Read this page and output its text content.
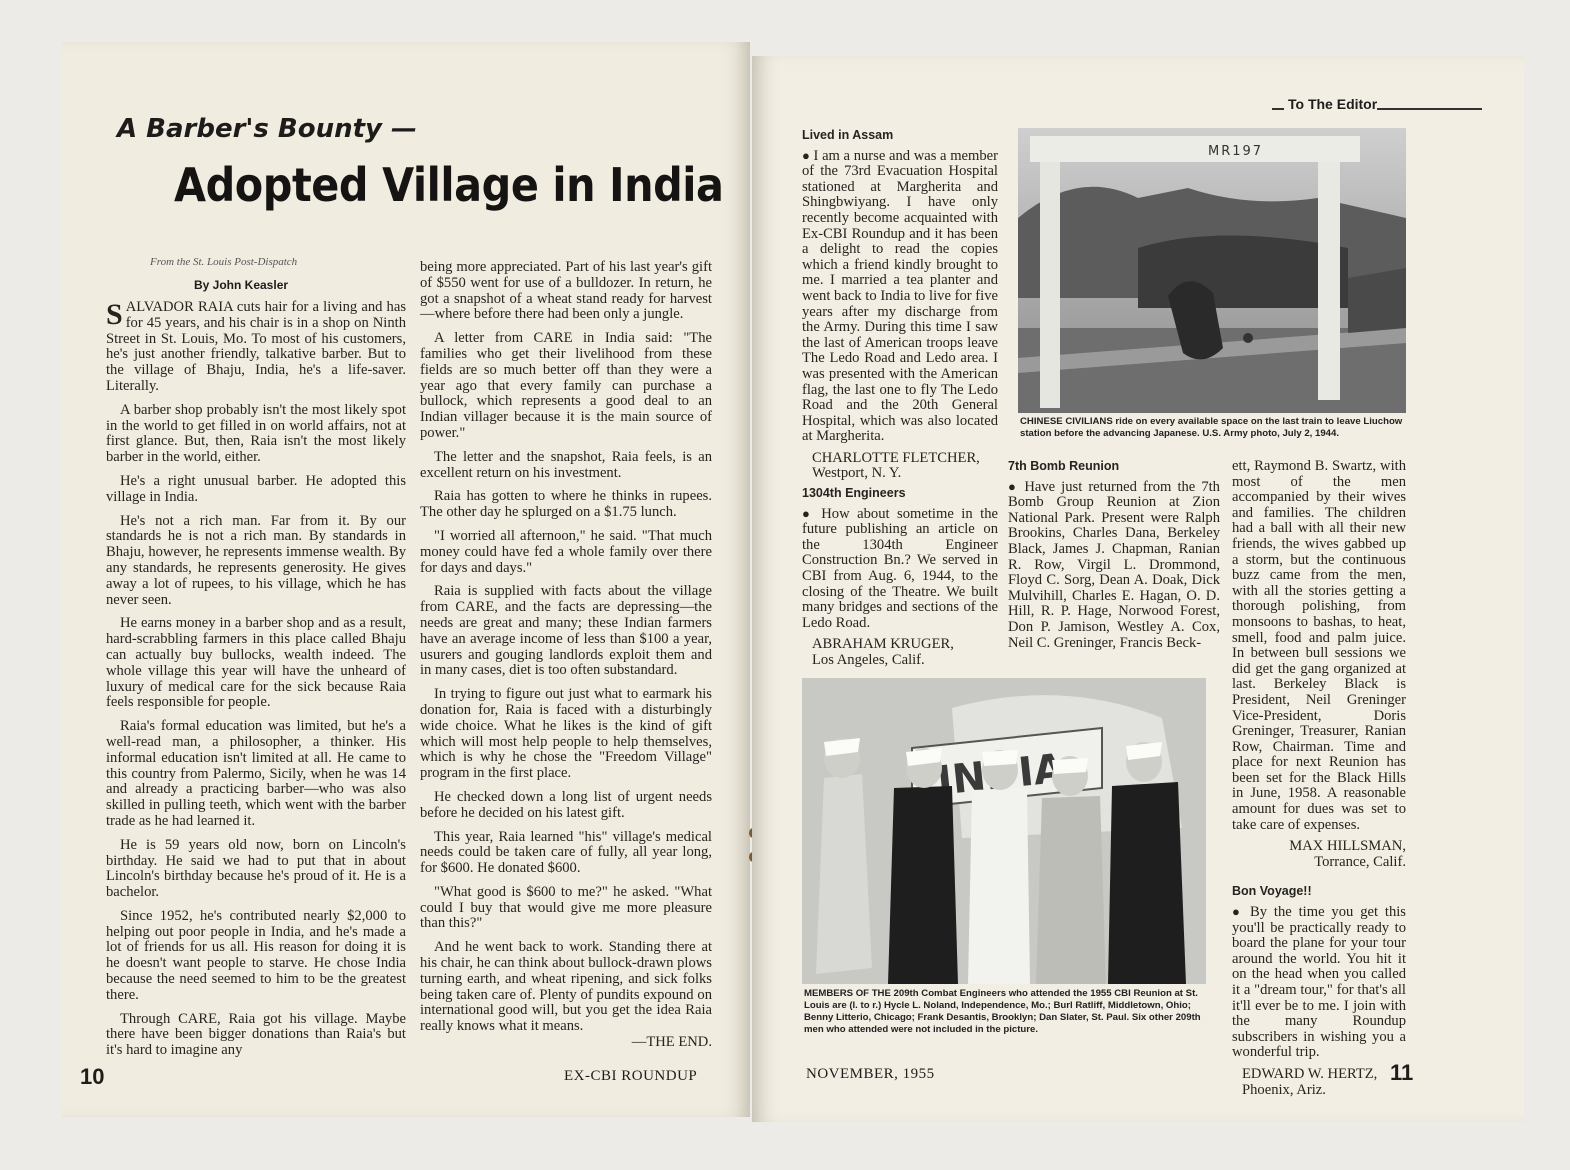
A Barber's Bounty —
Adopted Village in India
From the St. Louis Post-Dispatch
By John Keasler

SALVADOR RAIA cuts hair for a living and has for 45 years, and his chair is in a shop on Ninth Street in St. Louis, Mo. To most of his customers, he's just another friendly, talkative barber. But to the village of Bhaju, India, he's a life-saver. Literally.

A barber shop probably isn't the most likely spot in the world to get filled in on world affairs, not at first glance. But, then, Raia isn't the most likely barber in the world, either.

He's a right unusual barber. He adopted this village in India.

He's not a rich man. Far from it. By our standards he is not a rich man. By standards in Bhaju, however, he represents immense wealth. By any standards, he represents generosity. He gives away a lot of rupees, to his village, which he has never seen.

He earns money in a barber shop and as a result, hard-scrabbling farmers in this place called Bhaju can actually buy bullocks, wealth indeed. The whole village this year will have the unheard of luxury of medical care for the sick because Raia feels responsible for people.

Raia's formal education was limited, but he's a well-read man, a philosopher, a thinker. His informal education isn't limited at all. He came to this country from Palermo, Sicily, when he was 14 and already a practicing barber—who was also skilled in pulling teeth, which went with the barber trade as he had learned it.

He is 59 years old now, born on Lincoln's birthday. He said we had to put that in about Lincoln's birthday because he's proud of it. He is a bachelor.

Since 1952, he's contributed nearly $2,000 to helping out poor people in India, and he's made a lot of friends for us all. His reason for doing it is he doesn't want people to starve. He chose India because the need seemed to him to be the greatest there.

Through CARE, Raia got his village. Maybe there have been bigger donations than Raia's but it's hard to imagine any

being more appreciated. Part of his last year's gift of $550 went for use of a bulldozer. In return, he got a snapshot of a wheat stand ready for harvest—where before there had been only a jungle.

A letter from CARE in India said: "The families who get their livelihood from these fields are so much better off than they were a year ago that every family can purchase a bullock, which represents a good deal to an Indian villager because it is the main source of power."

The letter and the snapshot, Raia feels, is an excellent return on his investment.

Raia has gotten to where he thinks in rupees. The other day he splurged on a $1.75 lunch.

"I worried all afternoon," he said. "That much money could have fed a whole family over there for days and days."

Raia is supplied with facts about the village from CARE, and the facts are depressing—the needs are great and many; these Indian farmers have an average income of less than $100 a year, usurers and gouging landlords exploit them and in many cases, diet is too often substandard.

In trying to figure out just what to earmark his donation for, Raia is faced with a disturbingly wide choice. What he likes is the kind of gift which will most help people to help themselves, which is why he chose the "Freedom Village" program in the first place.

He checked down a long list of urgent needs before he decided on his latest gift.

This year, Raia learned "his" village's medical needs could be taken care of fully, all year long, for $600. He donated $600.

"What good is $600 to me?" he asked. "What could I buy that would give me more pleasure than this?"

And he went back to work. Standing there at his chair, he can think about bullock-drawn plows turning earth, and wheat ripening, and sick folks being taken care of. Plenty of pundits expound on international good will, but you get the idea Raia really knows what it means.

—THE END.
10	EX-CBI ROUNDUP
To The Editor
Lived in Assam
● I am a nurse and was a member of the 73rd Evacuation Hospital stationed at Margherita and Shingbwiyang. I have only recently become acquainted with Ex-CBI Roundup and it has been a delight to read the copies which a friend kindly brought to me. I married a tea planter and went back to India to live for five years after my discharge from the Army. During this time I saw the last of American troops leave The Ledo Road and Ledo area. I was presented with the American flag, the last one to fly The Ledo Road and the 20th General Hospital, which was also located at Margherita.
CHARLOTTE FLETCHER,
Westport, N. Y.
MR197
CHINESE CIVILIANS ride on every available space on the last train to leave Liuchow station before the advancing Japanese. U.S. Army photo, July 2, 1944.
1304th Engineers
● How about sometime in the future publishing an article on the 1304th Engineer Construction Bn.? We served in CBI from Aug. 6, 1944, to the closing of the Theatre. We built many bridges and sections of the Ledo Road.
ABRAHAM KRUGER,
Los Angeles, Calif.
7th Bomb Reunion
● Have just returned from the 7th Bomb Group Reunion at Zion National Park. Present were Ralph Brookins, Charles Dana, Berkeley Black, James J. Chapman, Ranian R. Row, Virgil L. Drommond, Floyd C. Sorg, Dean A. Doak, Dick Mulvihill, Charles E. Hagan, O. D. Hill, R. P. Hage, Norwood Forest, Don P. Jamison, Westley A. Cox, Neil C. Greninger, Francis Beck-
MEMBERS OF THE 209th Combat Engineers who attended the 1955 CBI Reunion at St. Louis are (l. to r.) Hycle L. Noland, Independence, Mo.; Burl Ratliff, Middletown, Ohio; Benny Litterio, Chicago; Frank Desantis, Brooklyn; Dan Slater, St. Paul. Six other 209th men who attended were not included in the picture.
ett, Raymond B. Swartz, with most of the men accompanied by their wives and families. The children had a ball with all their new friends, the wives gabbed up a storm, but the continuous buzz came from the men, with all the stories getting a thorough polishing, from monsoons to bashas, to heat, smell, food and palm juice. In between bull sessions we did get the gang organized at last. Berkeley Black is President, Neil Greninger Vice-President, Doris Greninger, Treasurer, Ranian Row, Chairman. Time and place for next Reunion has been set for the Black Hills in June, 1958. A reasonable amount for dues was set to take care of expenses.
MAX HILLSMAN,
Torrance, Calif.
Bon Voyage!!
● By the time you get this you'll be practically ready to board the plane for your tour around the world. You hit it on the head when you called it a "dream tour," for that's all it'll ever be to me. I join with the many Roundup subscribers in wishing you a wonderful trip.
EDWARD W. HERTZ,
Phoenix, Ariz.
NOVEMBER, 1955	11
